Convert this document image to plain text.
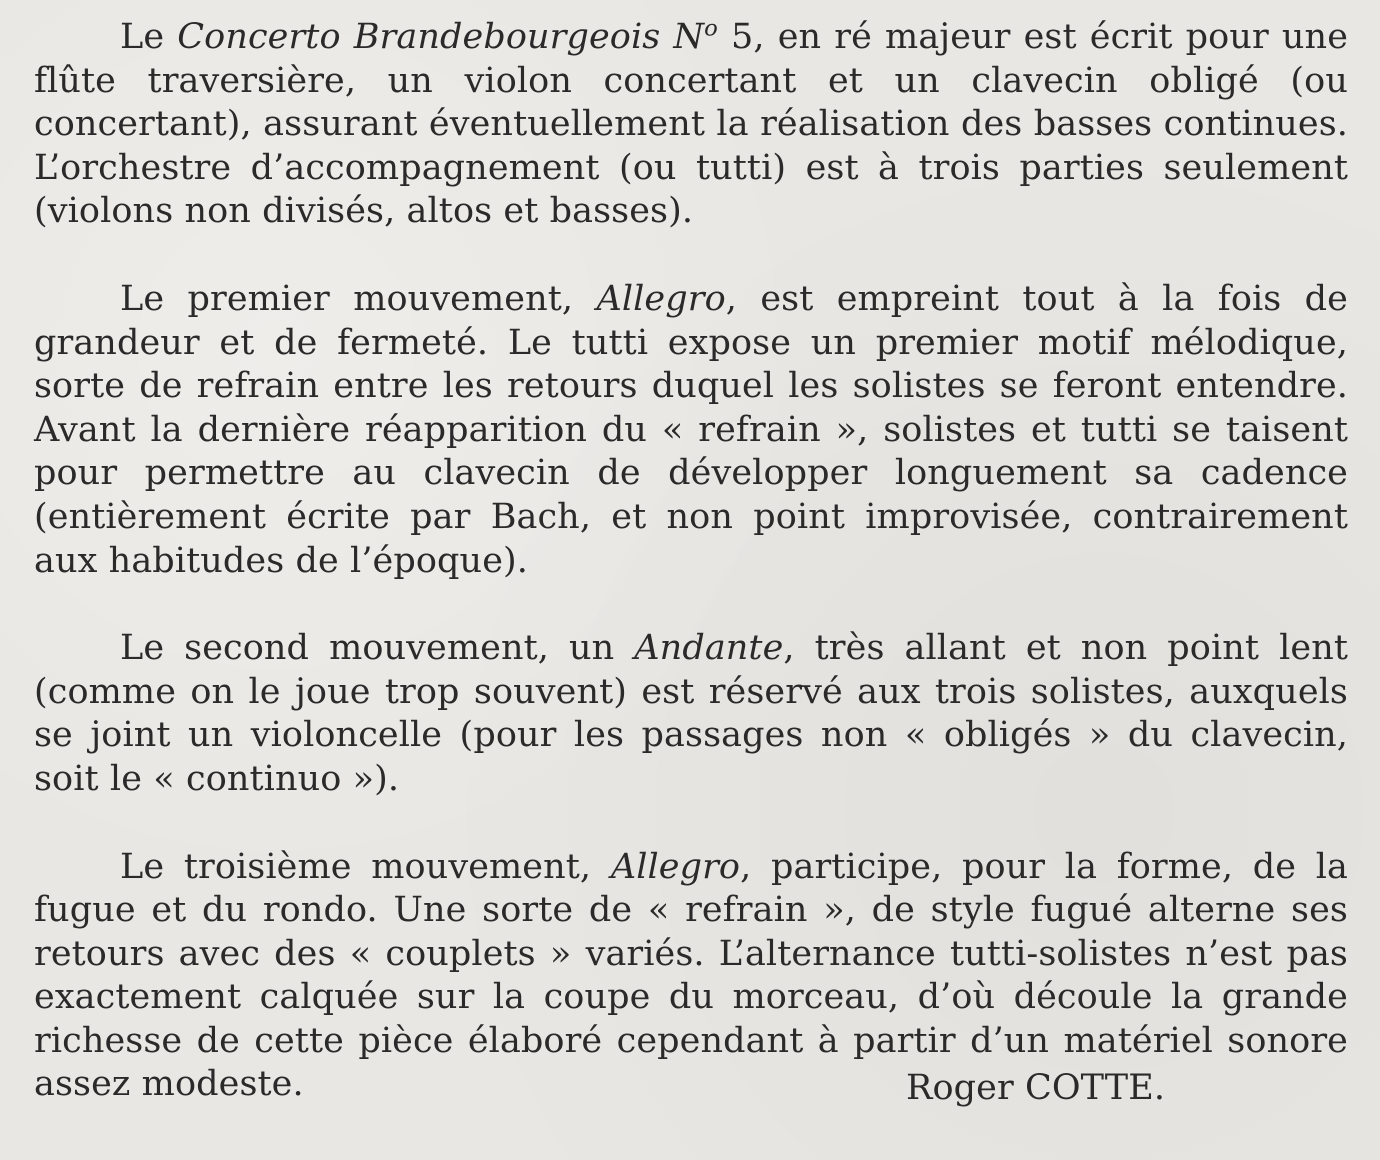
Le Concerto Brandebourgeois $N^o$ 5, en ré majeur est écrit pour une flûte traversière, un violon concertant et un clavecin obligé (ou concertant), assurant éventuellement la réalisation des basses continues. L’orchestre d’accompagnement (ou tutti) est à trois parties seulement (violons non divisés, altos et basses).

Le premier mouvement, Allegro, est empreint tout à la fois de grandeur et de fermeté. Le tutti expose un premier motif mélodique, sorte de refrain entre les retours duquel les solistes se feront entendre. Avant la dernière réapparition du « refrain », solistes et tutti se taisent pour permettre au clavecin de développer longuement sa cadence (entièrement écrite par Bach, et non point improvisée, contrairement aux habitudes de l’époque).

Le second mouvement, un Andante, très allant et non point lent (comme on le joue trop souvent) est réservé aux trois solistes, auxquels se joint un violoncelle (pour les passages non « obligés » du clavecin, soit le « continuo »).

Le troisième mouvement, Allegro, participe, pour la forme, de la fugue et du rondo. Une sorte de « refrain », de style fugué alterne ses retours avec des « couplets » variés. L’alternance tutti-solistes n’est pas exactement calquée sur la coupe du morceau, d’où découle la grande richesse de cette pièce élaboré cependant à partir d’un matériel sonore assez modeste.	Roger COTTE.
